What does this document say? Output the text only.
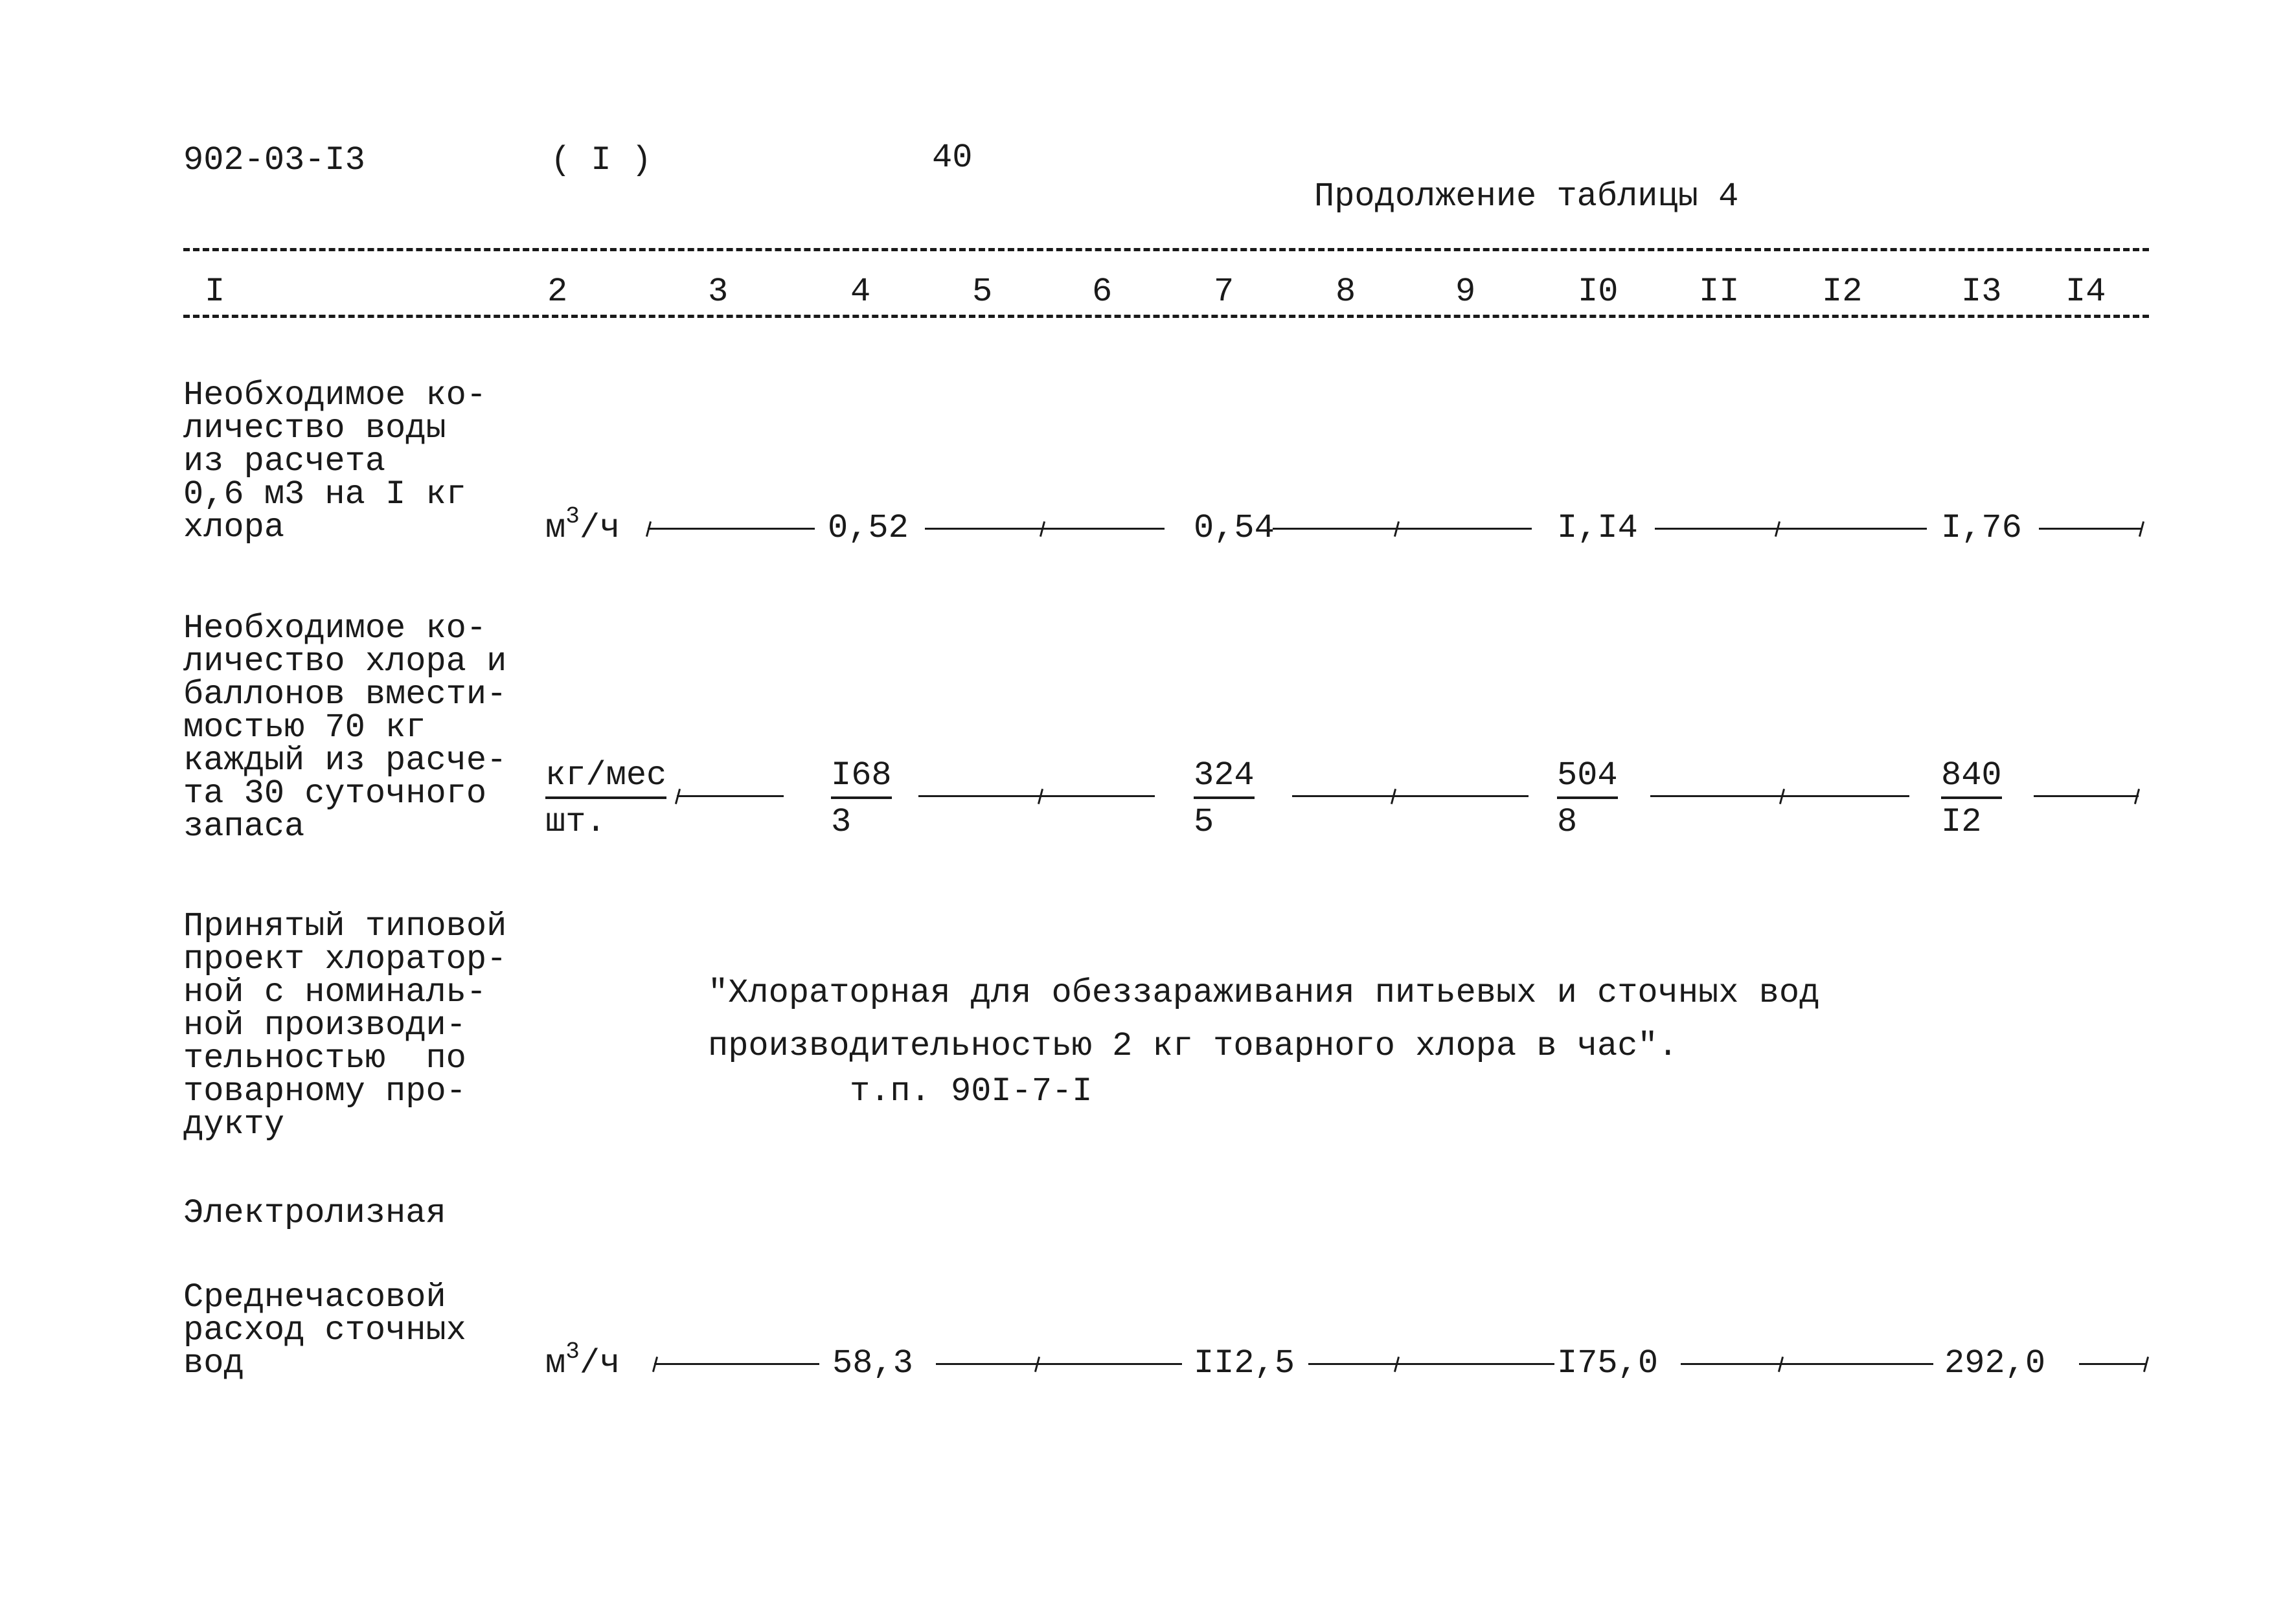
902-03-I3	( I )	40
Продолжение таблицы 4
I	2	3	4	5	6	7	8	9	I0 II I2	I3 I4
Необходимое ко-
личество воды
из расчета
0,6 м3 на I кг
хлора	$м^3/ч$	0,52	0,54	I,I4	I,76
Необходимое ко-
личество хлора и
баллонов вмести-
мостью 70 кг
каждый из расче-
та 30 суточного
запаса
кг/мес
шт.	$\frac{I68}{3}$	$\frac{324}{5}$	$\frac{504}{8}$	$\frac{840}{I2}$
Принятый типовой
проект хлоратор-
ной с номиналь-
ной производи-
тельностью  по
товарному про-
дукту
"Хлораторная для обеззараживания питьевых и сточных вод
производительностью 2 кг товарного хлора в час".
т.п. 90I-7-I
Электролизная
Среднечасовой
расход сточных
вод	$м^3/ч$	58,3	II2,5	I75,0	292,0
